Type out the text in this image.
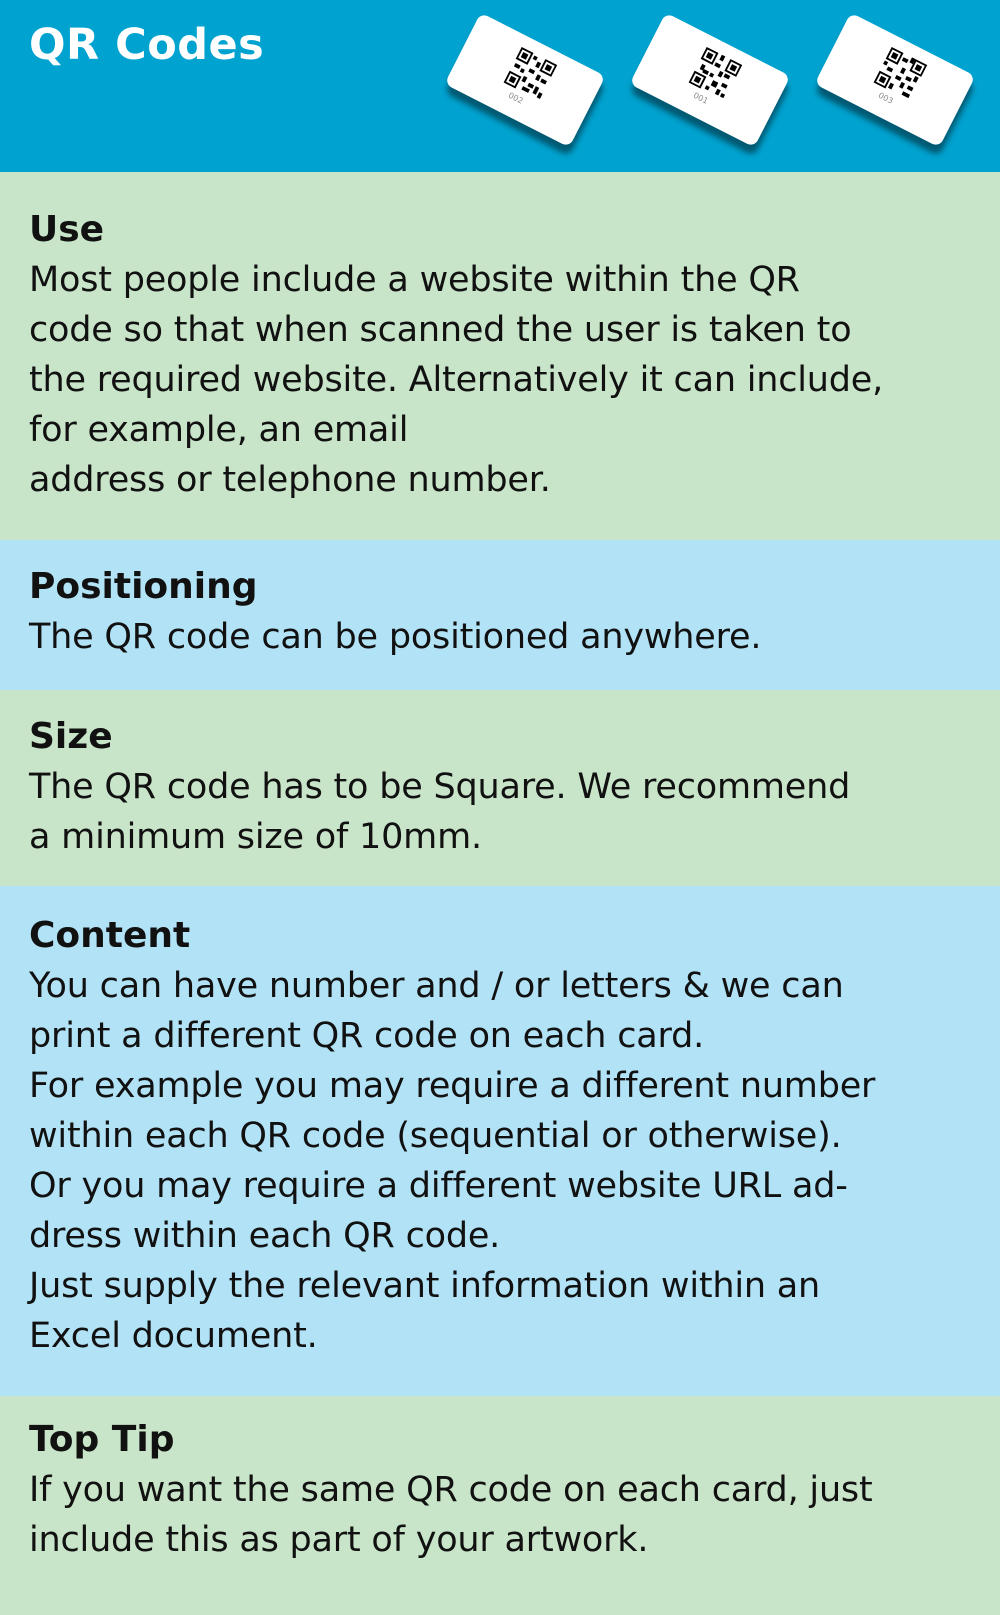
QR Codes
002	001	003
Use

Most people include a website within the QR

code so that when scanned the user is taken to

the required website. Alternatively it can include,

for example, an email

address or telephone number.

Positioning

The QR code can be positioned anywhere.

Size

The QR code has to be Square. We recommend

a minimum size of 10mm.

Content

You can have number and / or letters & we can

print a different QR code on each card.

For example you may require a different number

within each QR code (sequential or otherwise).

Or you may require a different website URL ad-

dress within each QR code.

Just supply the relevant information within an

Excel document.

Top Tip

If you want the same QR code on each card, just

include this as part of your artwork.
